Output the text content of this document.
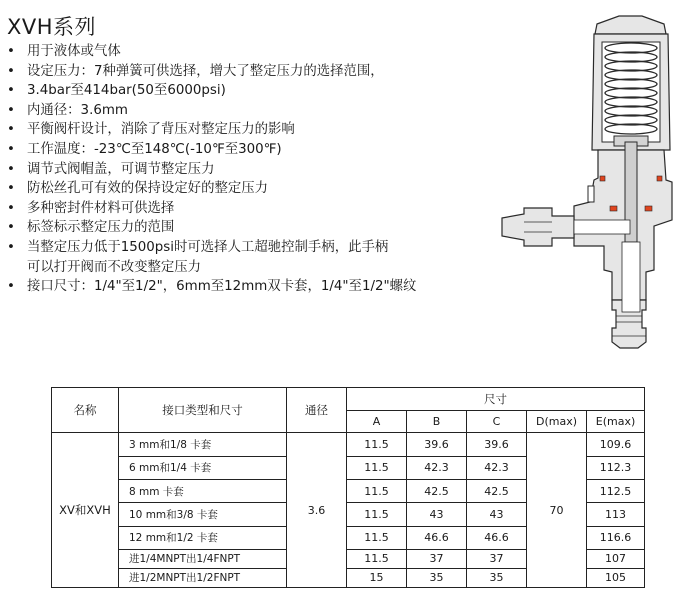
XVH系列
• 用于液体或气体
• 设定压力：7种弹簧可供选择，增大了整定压力的选择范围，
• 3.4bar至414bar(50至6000psi)
• 内通径：3.6mm
• 平衡阀杆设计，消除了背压对整定压力的影响
• 工作温度：-23℃至148℃(-10℉至300℉)
• 调节式阀帽盖，可调节整定压力
• 防松丝孔可有效的保持设定好的整定压力
• 多种密封件材料可供选择
• 标签标示整定压力的范围
• 当整定压力低于1500psi时可选择人工超驰控制手柄，此手柄
可以打开阀而不改变整定压力
• 接口尺寸：1/4"至1/2"，6mm至12mm双卡套，1/4"至1/2"螺纹
名称	接口类型和尺寸	通径	尺寸				
			A	B	C	D(max)	E(max)
XV和XVH	3 mm和1/8 卡套	3.6	11.5	39.6	39.6	70	109.6
	6 mm和1/4 卡套		11.5	42.3	42.3		112.3
	8 mm 卡套		11.5	42.5	42.5		112.5
	10 mm和3/8 卡套		11.5	43	43		113
	12 mm和1/2 卡套		11.5	46.6	46.6		116.6
	进1/4MNPT出1/4FNPT		11.5	37	37		107
	进1/2MNPT出1/2FNPT		15	35	35		105
